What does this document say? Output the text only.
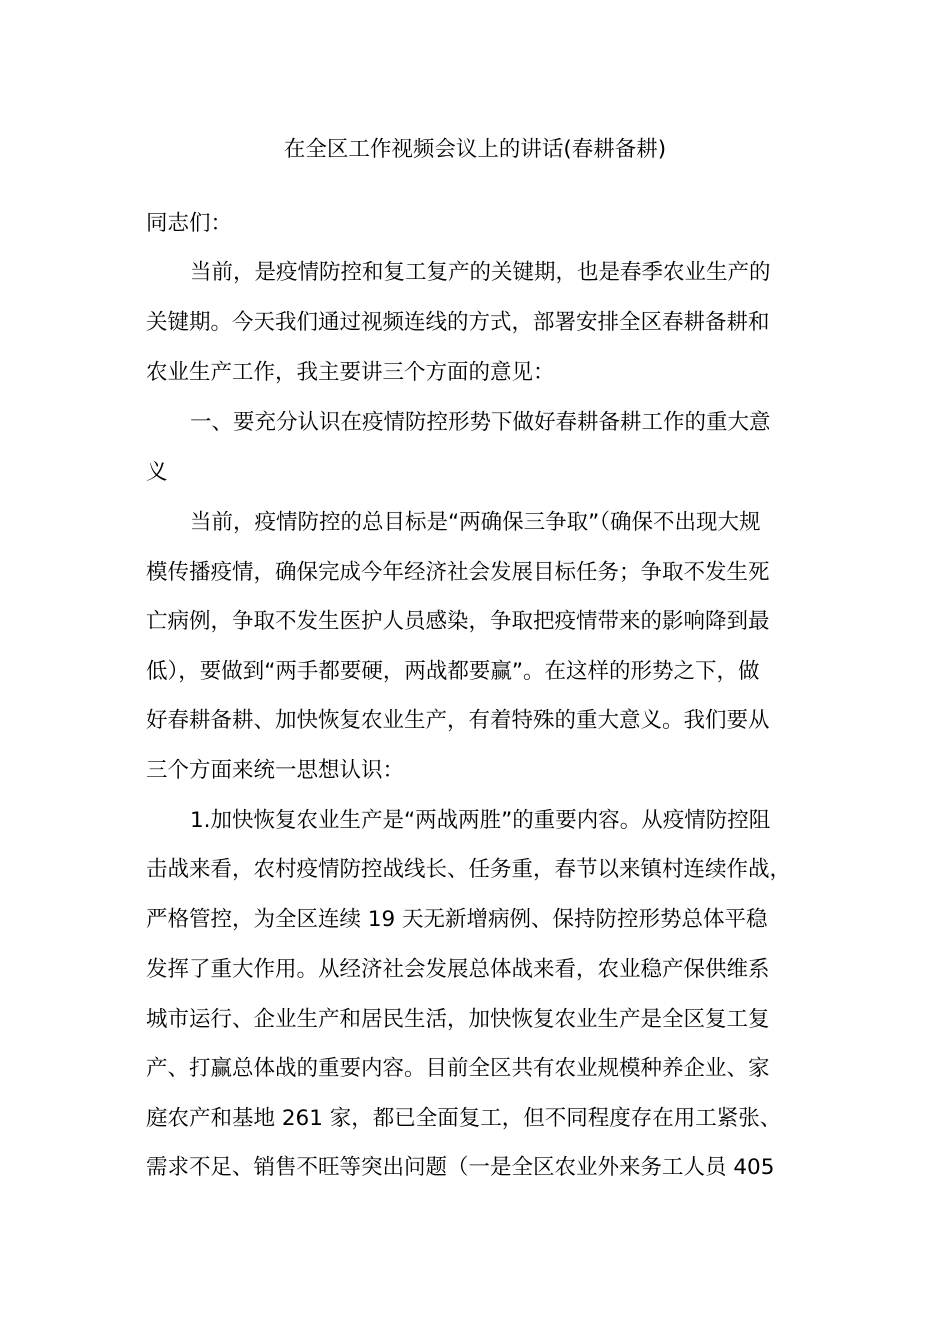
在全区工作视频会议上的讲话(春耕备耕)
同志们：
当前，是疫情防控和复工复产的关键期，也是春季农业生产的
关键期。今天我们通过视频连线的方式，部署安排全区春耕备耕和
农业生产工作，我主要讲三个方面的意见：
一、要充分认识在疫情防控形势下做好春耕备耕工作的重大意
义
当前，疫情防控的总目标是“两确保三争取”（确保不出现大规
模传播疫情，确保完成今年经济社会发展目标任务；争取不发生死
亡病例，争取不发生医护人员感染，争取把疫情带来的影响降到最
低），要做到“两手都要硬，两战都要赢”。在这样的形势之下，做
好春耕备耕、加快恢复农业生产，有着特殊的重大意义。我们要从
三个方面来统一思想认识：
1.加快恢复农业生产是“两战两胜”的重要内容。从疫情防控阻
击战来看，农村疫情防控战线长、任务重，春节以来镇村连续作战，
严格管控，为全区连续 19 天无新增病例、保持防控形势总体平稳
发挥了重大作用。从经济社会发展总体战来看，农业稳产保供维系
城市运行、企业生产和居民生活，加快恢复农业生产是全区复工复
产、打赢总体战的重要内容。目前全区共有农业规模种养企业、家
庭农产和基地 261 家，都已全面复工，但不同程度存在用工紧张、
需求不足、销售不旺等突出问题（一是全区农业外来务工人员 405
